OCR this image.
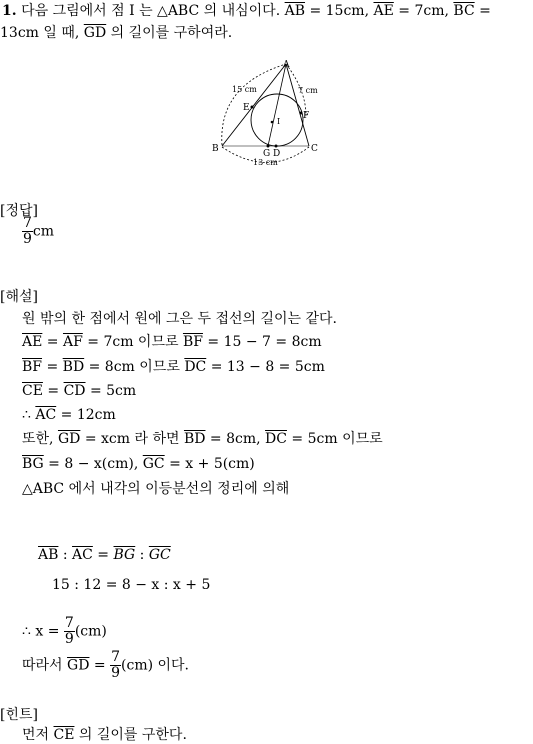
1. 다음 그림에서 점 I 는 △ABC 의 내심이다. $\overline{AB} = 15cm$, $\overline{AE} = 7cm$, $\overline{BC}$ =
13cm 일 때, $\overline{GD}$ 의 길이를 구하여라.
A
B	C
E
F
G D
I
15 cm	7 cm
13 cm
[정답]
$\frac{7}{9}$ cm
[해설]
원 밖의 한 점에서 원에 그은 두 접선의 길이는 같다.
$\overline{AE} = \overline{AF} = 7cm$ 이므로 $\overline{BF} = 15 - 7 = 8cm$
$\overline{BF} = \overline{BD} = 8cm$ 이므로 $\overline{DC} = 13 - 8 = 5cm$
$\overline{CE} = \overline{CD} = 5cm$
∴ $\overline{AC} = 12cm$
또한, $\overline{GD}$ = xcm 라 하면 $\overline{BD} = 8cm$, $\overline{DC} = 5cm$ 이므로
$\overline{BG} = 8 - x(cm)$, $\overline{GC} = x + 5(cm)$
△ABC 에서 내각의 이등분선의 정리에 의해
$\overline{AB}$ : $\overline{AC} = \overline{BG}$ : $\overline{GC}$
15 : 12 = 8 − x : x + 5
∴ $x = \frac{7}{9} (cm)$
따라서 $\overline{GD} = \frac{7}{9} (cm)$ 이다.
[힌트]
먼저 $\overline{CE}$ 의 길이를 구한다.
